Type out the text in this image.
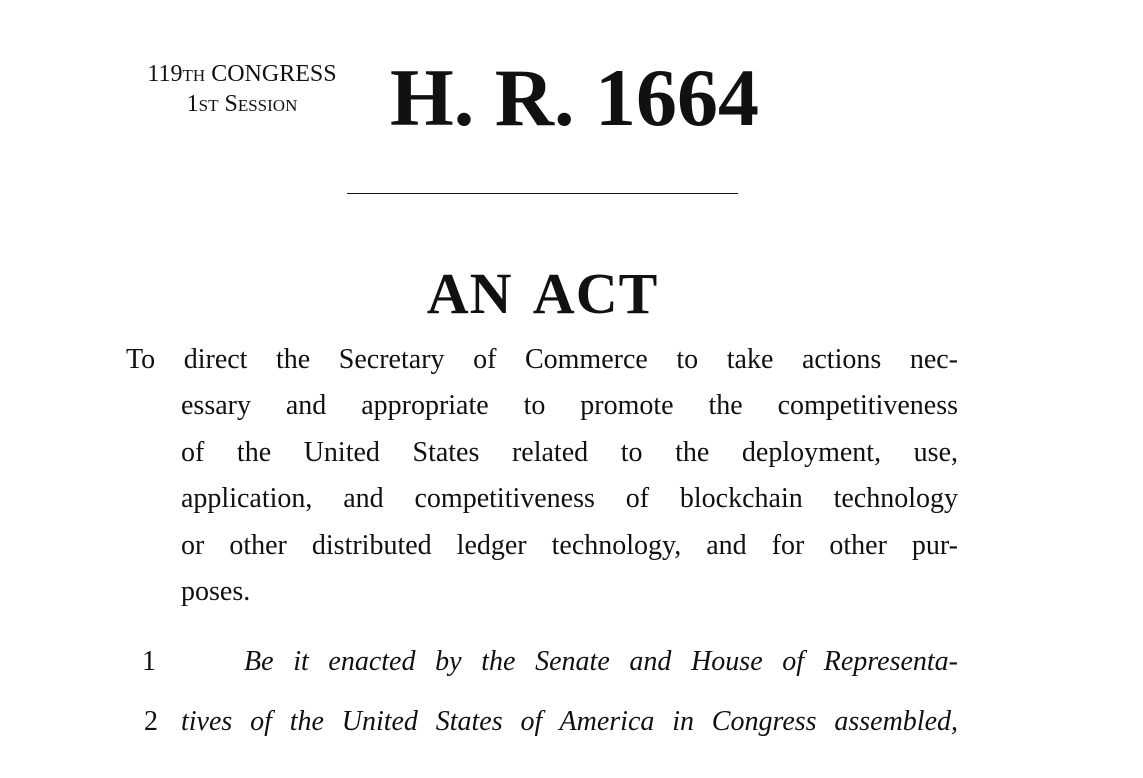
119TH CONGRESS
1ST SESSION	H. R. 1664
AN ACT
To direct the Secretary of Commerce to take actions nec-
essary and appropriate to promote the competitiveness
of the United States related to the deployment, use,
application, and competitiveness of blockchain technology
or other distributed ledger technology, and for other pur-
poses.
1	Be it enacted by the Senate and House of Representa-
2 tives of the United States of America in Congress assembled,
